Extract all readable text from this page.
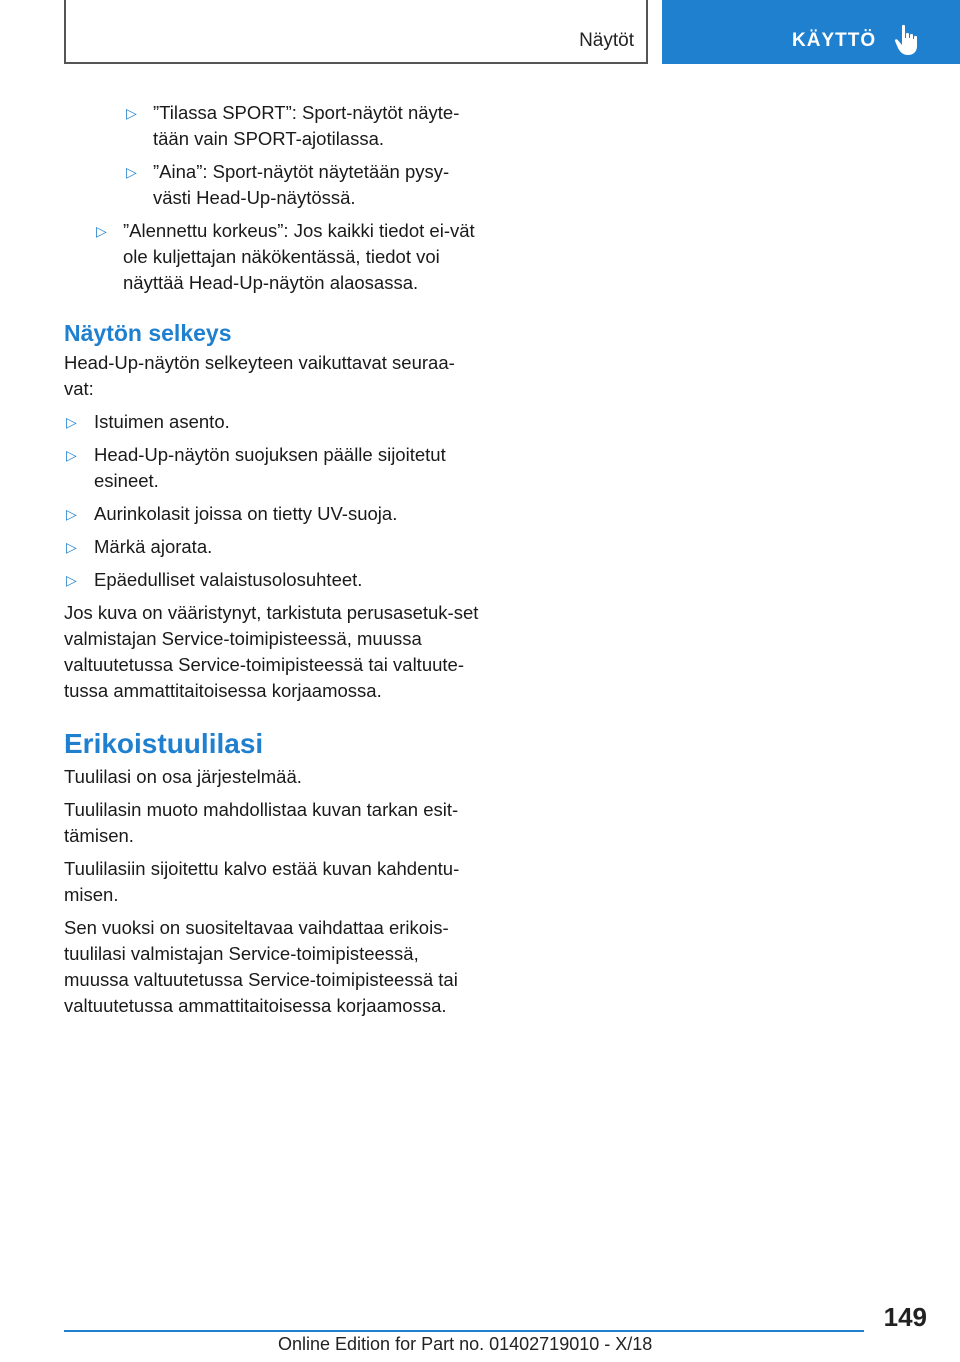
Näytöt	KÄYTTÖ
▷ ”Tilassa SPORT”: Sport-näytöt näyte-tään vain SPORT-ajotilassa.
▷ ”Aina”: Sport-näytöt näytetään pysy-västi Head-Up-näytössä.
▷ ”Alennettu korkeus”: Jos kaikki tiedot ei-vät ole kuljettajan näkökentässä, tiedot voi näyttää Head-Up-näytön alaosassa.
Näytön selkeys

Head-Up-näytön selkeyteen vaikuttavat seuraa-vat:

▷ Istuimen asento.
▷ Head-Up-näytön suojuksen päälle sijoitetut esineet.
▷ Aurinkolasit joissa on tietty UV-suoja.
▷ Märkä ajorata.
▷ Epäedulliset valaistusolosuhteet.

Jos kuva on vääristynyt, tarkistuta perusasetuk-set valmistajan Service-toimipisteessä, muussa valtuutetussa Service-toimipisteessä tai valtuute-tussa ammattitaitoisessa korjaamossa.

Erikoistuulilasi

Tuulilasi on osa järjestelmää.

Tuulilasin muoto mahdollistaa kuvan tarkan esit-tämisen.

Tuulilasiin sijoitettu kalvo estää kuvan kahdentu-misen.

Sen vuoksi on suositeltavaa vaihdattaa erikois-tuulilasi valmistajan Service-toimipisteessä, muussa valtuutetussa Service-toimipisteessä tai valtuutetussa ammattitaitoisessa korjaamossa.

149
Online Edition for Part no. 01402719010 - X/18
